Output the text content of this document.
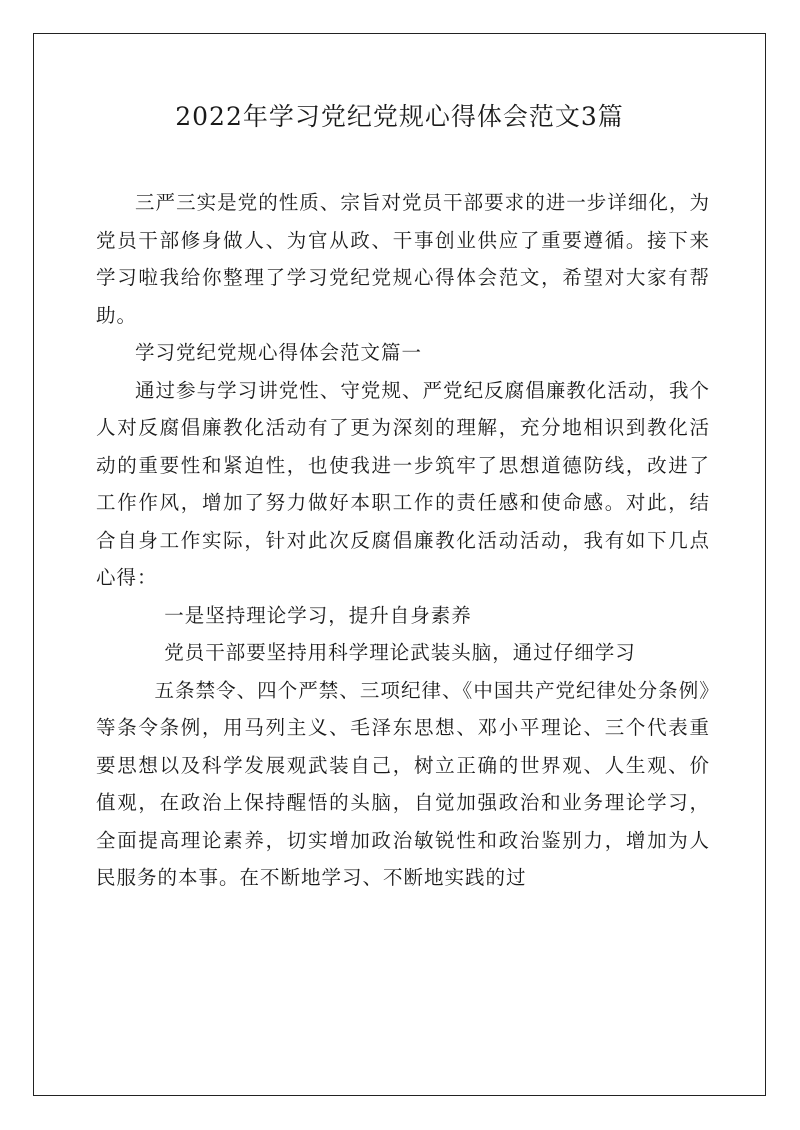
2022年学习党纪党规心得体会范文3篇

三严三实是党的性质、宗旨对党员干部要求的进一步详细化，为党员干部修身做人、为官从政、干事创业供应了重要遵循。接下来学习啦我给你整理了学习党纪党规心得体会范文，希望对大家有帮助。

学习党纪党规心得体会范文篇一

通过参与学习讲党性、守党规、严党纪反腐倡廉教化活动，我个人对反腐倡廉教化活动有了更为深刻的理解，充分地相识到教化活动的重要性和紧迫性，也使我进一步筑牢了思想道德防线，改进了工作作风，增加了努力做好本职工作的责任感和使命感。对此，结合自身工作实际，针对此次反腐倡廉教化活动活动，我有如下几点心得：

一是坚持理论学习，提升自身素养

党员干部要坚持用科学理论武装头脑，通过仔细学习

五条禁令、四个严禁、三项纪律、《中国共产党纪律处分条例》等条令条例，用马列主义、毛泽东思想、邓小平理论、三个代表重要思想以及科学发展观武装自己，树立正确的世界观、人生观、价值观，在政治上保持醒悟的头脑，自觉加强政治和业务理论学习，全面提高理论素养，切实增加政治敏锐性和政治鉴别力，增加为人民服务的本事。在不断地学习、不断地实践的过
